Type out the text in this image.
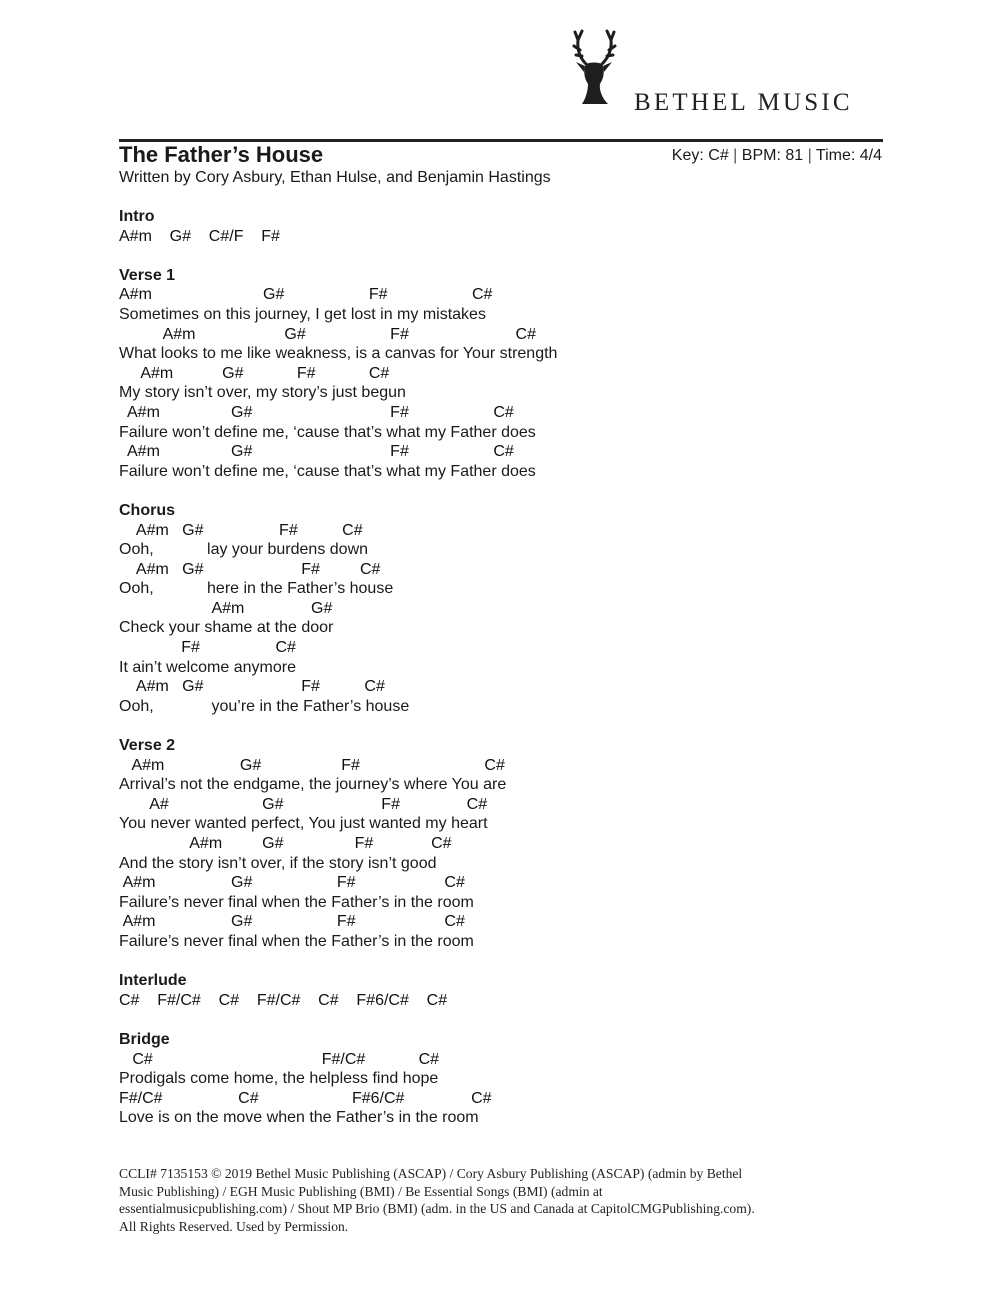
BETHEL MUSIC
The Father’s House	Key: C# | BPM: 81 | Time: 4/4
Written by Cory Asbury, Ethan Hulse, and Benjamin Hastings
Intro
A#m    G#    C#/F    F#
Verse 1
A#m                         G#                   F#                   C#
Sometimes on this journey, I get lost in my mistakes
A#m                    G#                   F#                        C#
What looks to me like weakness, is a canvas for Your strength
A#m           G#            F#            C#
My story isn’t over, my story’s just begun
A#m                G#                               F#                   C#
Failure won’t define me, ‘cause that’s what my Father does
A#m                G#                               F#                   C#
Failure won’t define me, ‘cause that’s what my Father does
Chorus
A#m   G#                 F#          C#
Ooh,            lay your burdens down
A#m   G#                      F#         C#
Ooh,            here in the Father’s house
A#m               G#
Check your shame at the door
F#                 C#
It ain’t welcome anymore
A#m   G#                      F#          C#
Ooh,             you’re in the Father’s house
Verse 2
A#m                 G#                  F#                            C#
Arrival’s not the endgame, the journey’s where You are
A#                     G#                      F#               C#
You never wanted perfect, You just wanted my heart
A#m         G#                F#             C#
And the story isn’t over, if the story isn’t good
A#m                 G#                   F#                    C#
Failure’s never final when the Father’s in the room
A#m                 G#                   F#                    C#
Failure’s never final when the Father’s in the room
Interlude
C#    F#/C#    C#    F#/C#    C#    F#6/C#    C#
Bridge
C#                                      F#/C#            C#
Prodigals come home, the helpless find hope
F#/C#                 C#                     F#6/C#               C#
Love is on the move when the Father’s in the room
CCLI# 7135153 © 2019 Bethel Music Publishing (ASCAP) / Cory Asbury Publishing (ASCAP) (admin by Bethel
Music Publishing) / EGH Music Publishing (BMI) / Be Essential Songs (BMI) (admin at
essentialmusicpublishing.com) / Shout MP Brio (BMI) (adm. in the US and Canada at CapitolCMGPublishing.com).
All Rights Reserved. Used by Permission.
